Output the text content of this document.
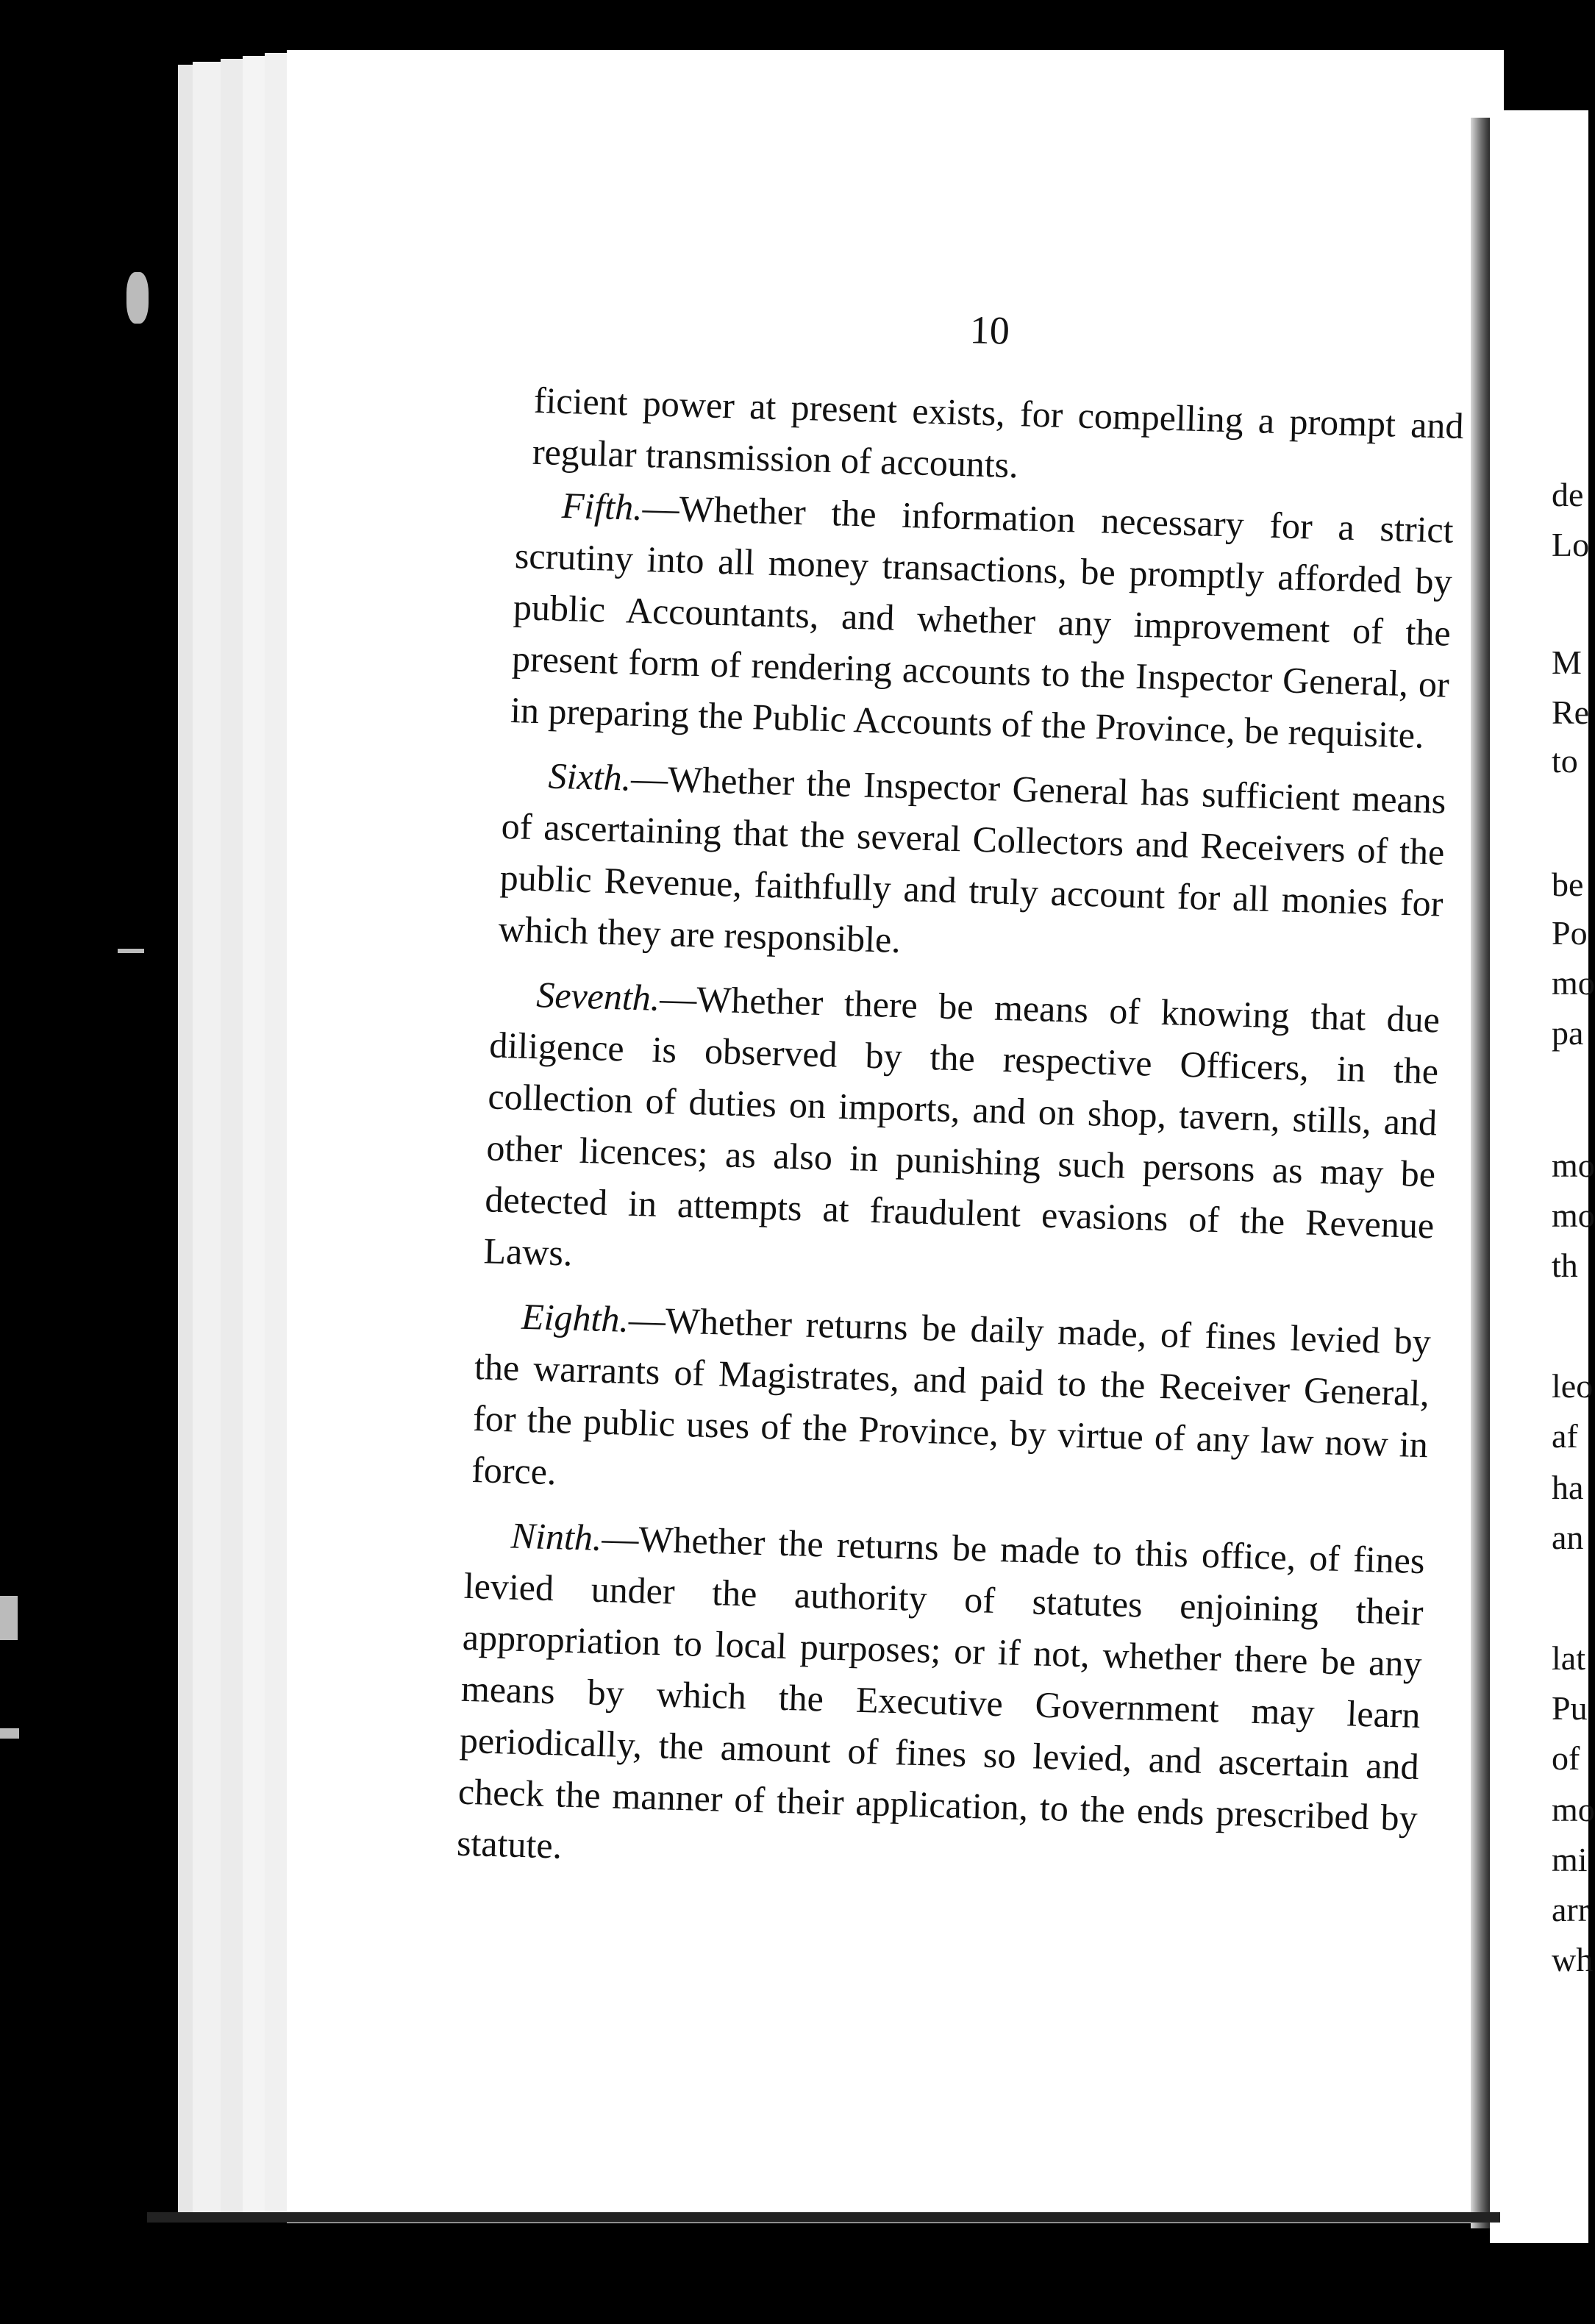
de
Lo
M
Re
to
be
Po
mo
pa
mo
mo
th
leo
af
ha
an
lat
Pu
of
mo
mi
arr
wh
10

ficient power at present exists, for compelling a prompt and regular transmission of accounts.

Fifth.—Whether the information necessary for a strict scrutiny into all money transactions, be promptly afforded by public Accountants, and whether any improvement of the present form of rendering accounts to the Inspector General, or in preparing the Public Accounts of the Province, be requisite.

Sixth.—Whether the Inspector General has sufficient means of ascertaining that the several Collectors and Receivers of the public Revenue, faithfully and truly account for all monies for which they are responsible.

Seventh.—Whether there be means of knowing that due diligence is observed by the respective Officers, in the collection of duties on imports, and on shop, tavern, stills, and other licences; as also in punishing such persons as may be detected in attempts at fraudulent evasions of the Revenue Laws.

Eighth.—Whether returns be daily made, of fines levied by the warrants of Magistrates, and paid to the Receiver General, for the public uses of the Province, by virtue of any law now in force.

Ninth.—Whether the returns be made to this office, of fines levied under the authority of statutes enjoining their appropriation to local purposes; or if not, whether there be any means by which the Executive Government may learn periodically, the amount of fines so levied, and ascertain and check the manner of their application, to the ends prescribed by statute.
